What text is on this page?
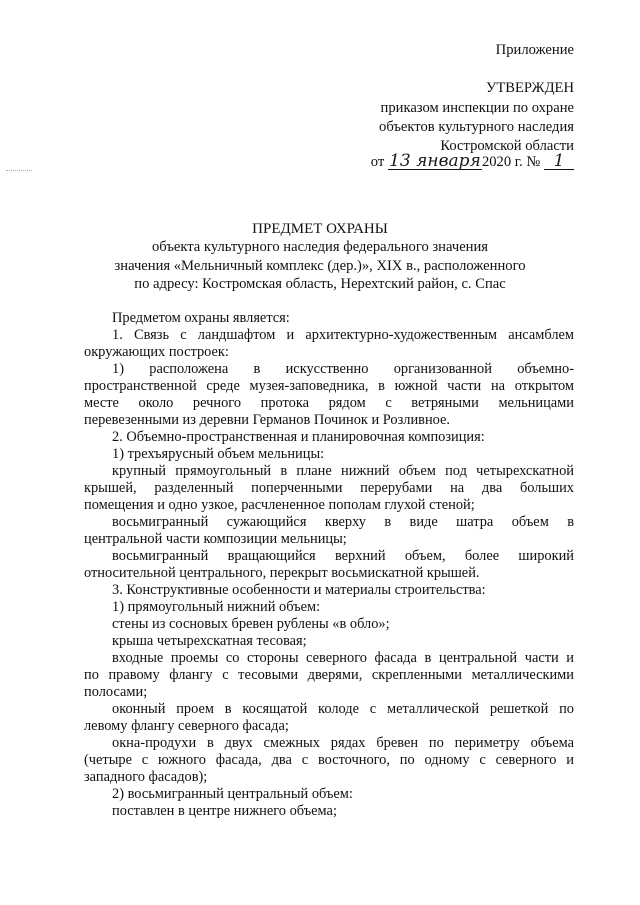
Приложение
УТВЕРЖДЕН
приказом инспекции по охране
объектов культурного наследия
Костромской области
от 13 января2020 г. № 1
ПРЕДМЕТ ОХРАНЫ
объекта культурного наследия федерального значения
значения «Мельничный комплекс (дер.)», XIX в., расположенного
по адресу: Костромская область, Нерехтский район, с. Спас
Предметом охраны является:
1. Связь с ландшафтом и архитектурно-художественным ансамблем
окружающих построек:
1) расположена в искусственно организованной объемно-
пространственной среде музея-заповедника, в южной части на открытом
месте около речного протока рядом с ветряными мельницами
перевезенными из деревни Германов Починок и Розливное.
2. Объемно-пространственная и планировочная композиция:
1) трехъярусный объем мельницы:
крупный прямоугольный в плане нижний объем под четырехскатной
крышей, разделенный поперченными перерубами на два больших
помещения и одно узкое, расчлененное пополам глухой стеной;
восьмигранный сужающийся кверху в виде шатра объем в
центральной части композиции мельницы;
восьмигранный вращающийся верхний объем, более широкий
относительной центрального, перекрыт восьмискатной крышей.
3. Конструктивные особенности и материалы строительства:
1) прямоугольный нижний объем:
стены из сосновых бревен рублены «в обло»;
крыша четырехскатная тесовая;
входные проемы со стороны северного фасада в центральной части и
по правому флангу с тесовыми дверями, скрепленными металлическими
полосами;
оконный проем в косящатой колоде с металлической решеткой по
левому флангу северного фасада;
окна-продухи в двух смежных рядах бревен по периметру объема
(четыре с южного фасада, два с восточного, по одному с северного и
западного фасадов);
2) восьмигранный центральный объем:
поставлен в центре нижнего объема;
